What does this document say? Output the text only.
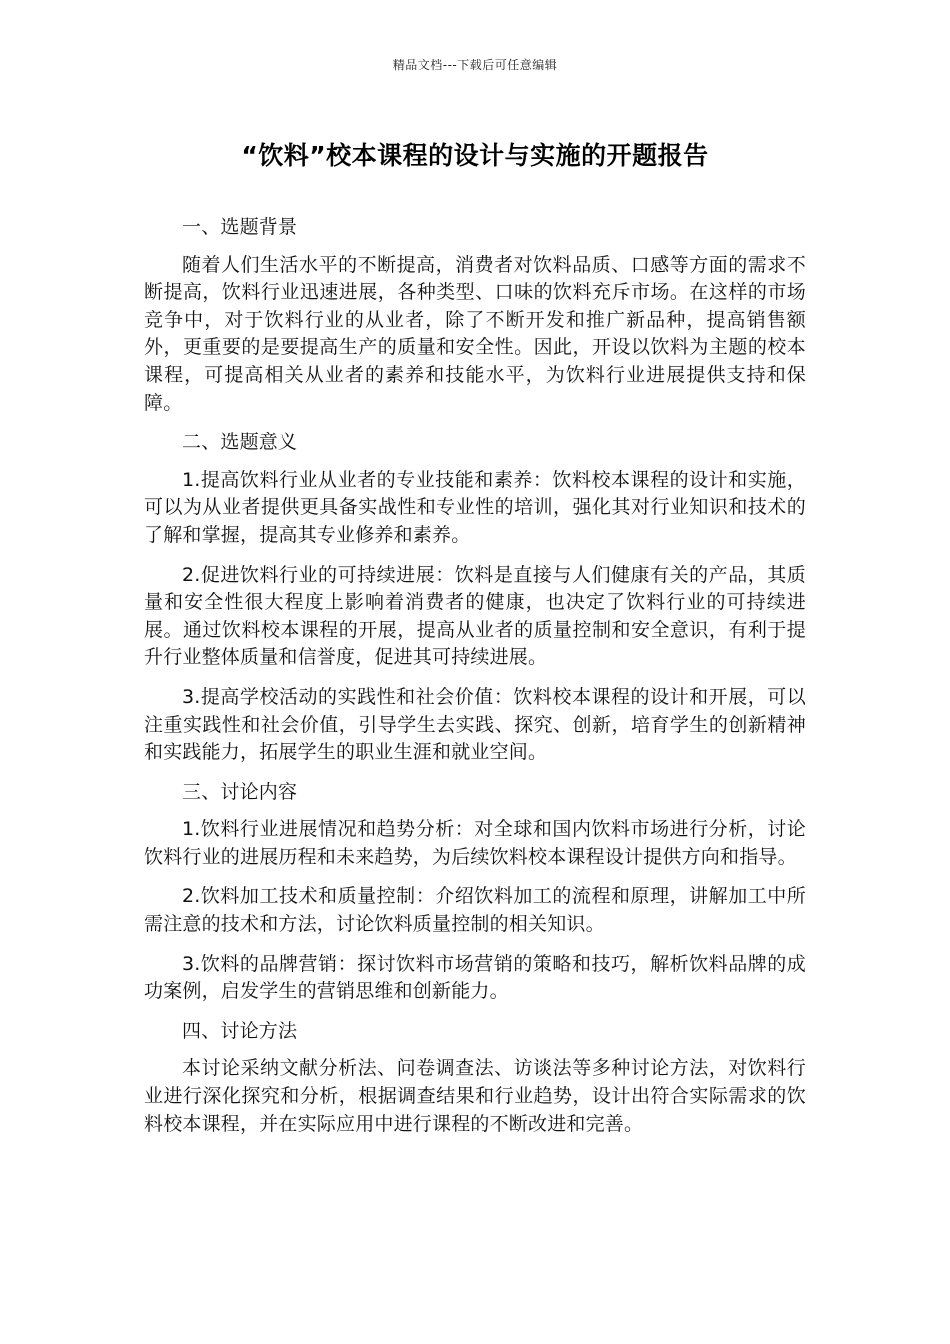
精品文档---下载后可任意编辑
“饮料”校本课程的设计与实施的开题报告

一、选题背景

随着人们生活水平的不断提高，消费者对饮料品质、口感等方面的需求不断提高，饮料行业迅速进展，各种类型、口味的饮料充斥市场。在这样的市场竞争中，对于饮料行业的从业者，除了不断开发和推广新品种，提高销售额外，更重要的是要提高生产的质量和安全性。因此，开设以饮料为主题的校本课程，可提高相关从业者的素养和技能水平，为饮料行业进展提供支持和保障。

二、选题意义

1.提高饮料行业从业者的专业技能和素养：饮料校本课程的设计和实施，可以为从业者提供更具备实战性和专业性的培训，强化其对行业知识和技术的了解和掌握，提高其专业修养和素养。

2.促进饮料行业的可持续进展：饮料是直接与人们健康有关的产品，其质量和安全性很大程度上影响着消费者的健康，也决定了饮料行业的可持续进展。通过饮料校本课程的开展，提高从业者的质量控制和安全意识，有利于提升行业整体质量和信誉度，促进其可持续进展。

3.提高学校活动的实践性和社会价值：饮料校本课程的设计和开展，可以注重实践性和社会价值，引导学生去实践、探究、创新，培育学生的创新精神和实践能力，拓展学生的职业生涯和就业空间。

三、讨论内容

1.饮料行业进展情况和趋势分析：对全球和国内饮料市场进行分析，讨论饮料行业的进展历程和未来趋势，为后续饮料校本课程设计提供方向和指导。

2.饮料加工技术和质量控制：介绍饮料加工的流程和原理，讲解加工中所需注意的技术和方法，讨论饮料质量控制的相关知识。

3.饮料的品牌营销：探讨饮料市场营销的策略和技巧，解析饮料品牌的成功案例，启发学生的营销思维和创新能力。

四、讨论方法

本讨论采纳文献分析法、问卷调查法、访谈法等多种讨论方法，对饮料行业进行深化探究和分析，根据调查结果和行业趋势，设计出符合实际需求的饮料校本课程，并在实际应用中进行课程的不断改进和完善。
